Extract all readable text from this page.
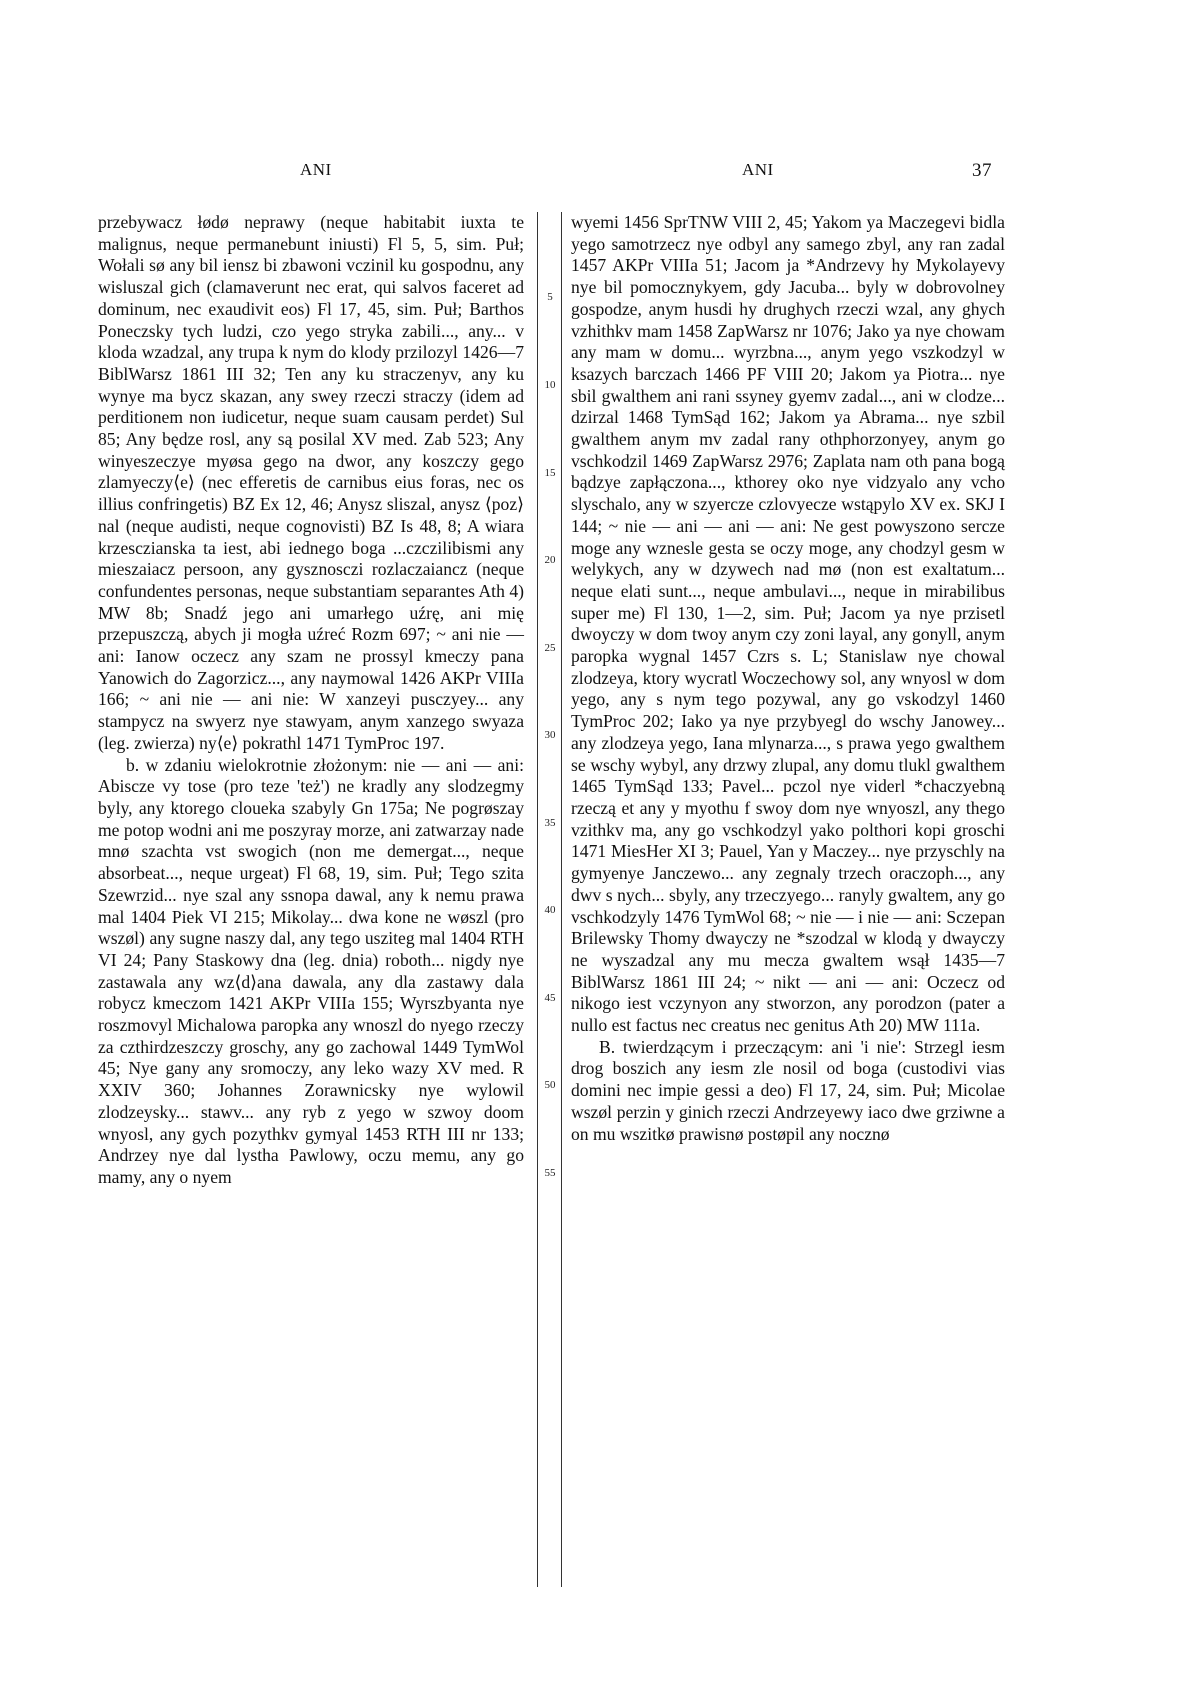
ANI	ANI	37

przebywacz łødø neprawy (neque habitabit iuxta te malignus, neque permanebunt iniusti) Fl 5, 5, sim. Puł; Wołali sø any bil iensz bi zbawoni vczinil ku gospodnu, any wisluszal gich (clamaverunt nec erat, qui salvos faceret ad dominum, nec exaudivit eos) Fl 17, 45, sim. Puł; Barthos Poneczsky tych ludzi, czo yego stryka zabili..., any... v kloda wzadzal, any trupa k nym do klody przilozyl 1426—7 BiblWarsz 1861 III 32; Ten any ku straczenyv, any ku wynye ma bycz skazan, any swey rzeczi straczy (idem ad perditionem non iudicetur, neque suam causam perdet) Sul 85; Any będze rosl, any są posilal XV med. Zab 523; Any winyeszeczye myøsa gego na dwor, any koszczy gego zlamyeczy⟨e⟩ (nec efferetis de carnibus eius foras, nec os illius confringetis) BZ Ex 12, 46; Anysz sliszal, anysz ⟨poz⟩nal (neque audisti, neque cognovisti) BZ Is 48, 8; A wiara krzesczianska ta iest, abi iednego boga ...czczilibismi any mieszaiacz persoon, any gysznosczi rozlaczaiancz (neque confundentes personas, neque substantiam separantes Ath 4) MW 8b; Snadź jego ani umarłego uźrę, ani mię przepuszczą, abych ji mogła uźreć Rozm 697; ~ ani nie — ani: Ianow oczecz any szam ne prossyl kmeczy pana Yanowich do Zagorzicz..., any naymowal 1426 AKPr VIIIa 166; ~ ani nie — ani nie: W xanzeyi pusczyey... any stampycz na swyerz nye stawyam, anym xanzego swyaza (leg. zwierza) ny⟨e⟩ pokrathl 1471 TymProc 197.

b. w zdaniu wielokrotnie złożonym: nie — ani — ani: Abiscze vy tose (pro teze 'też') ne kradly any slodzegmy byly, any ktorego cloueka szabyly Gn 175a; Ne pogrøszay me potop wodni ani me poszyray morze, ani zatwarzay nade mnø szachta vst swogich (non me demergat..., neque absorbeat..., neque urgeat) Fl 68, 19, sim. Puł; Tego szita Szewrzid... nye szal any ssnopa dawal, any k nemu prawa mal 1404 Piek VI 215; Mikolay... dwa kone ne wøszl (pro wszøl) any sugne naszy dal, any tego usziteg mal 1404 RTH VI 24; Pany Staskowy dna (leg. dnia) roboth... nigdy nye zastawala any wz⟨d⟩ana dawala, any dla zastawy dala robycz kmeczom 1421 AKPr VIIIa 155; Wyrszbyanta nye roszmovyl Michalowa paropka any wnoszl do nyego rzeczy za czthirdzeszczy groschy, any go zachowal 1449 TymWol 45; Nye gany any sromoczy, any leko wazy XV med. R XXIV 360; Johannes Zorawnicsky nye wylowil zlodzeysky... stawv... any ryb z yego w szwoy doom wnyosl, any gych pozythkv gymyal 1453 RTH III nr 133; Andrzey nye dal lystha Pawlowy, oczu memu, any go mamy, any o nyem

5
10
15
20
25
30
35
40
45
50
55

wyemi 1456 SprTNW VIII 2, 45; Yakom ya Maczegevi bidla yego samotrzecz nye odbyl any samego zbyl, any ran zadal 1457 AKPr VIIIa 51; Jacom ja *Andrzevy hy Mykolayevy nye bil pomocznykyem, gdy Jacuba... byly w dobrovolney gospodze, anym husdi hy drughych rzeczi wzal, any ghych vzhithkv mam 1458 ZapWarsz nr 1076; Jako ya nye chowam any mam w domu... wyrzbna..., anym yego vszkodzyl w ksazych barczach 1466 PF VIII 20; Jakom ya Piotra... nye sbil gwalthem ani rani ssyney gyemv zadal..., ani w clodze... dzirzal 1468 TymSąd 162; Jakom ya Abrama... nye szbil gwalthem anym mv zadal rany othphorzonyey, anym go vschkodzil 1469 ZapWarsz 2976; Zaplata nam oth pana bogą bądzye zapłączona..., kthorey oko nye vidzyalo any vcho slyschalo, any w szyercze czlovyecze wstąpylo XV ex. SKJ I 144; ~ nie — ani — ani — ani: Ne gest powyszono sercze moge any wznesle gesta se oczy moge, any chodzyl gesm w welykych, any w dzywech nad mø (non est exaltatum... neque elati sunt..., neque ambulavi..., neque in mirabilibus super me) Fl 130, 1—2, sim. Puł; Jacom ya nye przisetl dwoyczy w dom twoy anym czy zoni layal, any gonyll, anym paropka wygnal 1457 Czrs s. L; Stanislaw nye chowal zlodzeya, ktory wycratl Woczechowy sol, any wnyosl w dom yego, any s nym tego pozywal, any go vskodzyl 1460 TymProc 202; Iako ya nye przybyegl do wschy Janowey... any zlodzeya yego, Iana mlynarza..., s prawa yego gwalthem se wschy wybyl, any drzwy zlupal, any domu tlukl gwalthem 1465 TymSąd 133; Pavel... pczol nye viderl *chaczyebną rzeczą et any y myothu f swoy dom nye wnyoszl, any thego vzithkv ma, any go vschkodzyl yako polthori kopi groschi 1471 MiesHer XI 3; Pauel, Yan y Maczey... nye przyschly na gymyenye Janczewo... any zegnaly trzech oraczoph..., any dwv s nych... sbyly, any trzeczyego... ranyly gwaltem, any go vschkodzyly 1476 TymWol 68; ~ nie — i nie — ani: Sczepan Brilewsky Thomy dwayczy ne *szodzal w klodą y dwayczy ne wyszadzal any mu mecza gwaltem wsął 1435—7 BiblWarsz 1861 III 24; ~ nikt — ani — ani: Oczecz od nikogo iest vczynyon any stworzon, any porodzon (pater a nullo est factus nec creatus nec genitus Ath 20) MW 111a.

B. twierdzącym i przeczącym: ani 'i nie': Strzegl iesm drog boszich any iesm zle nosil od boga (custodivi vias domini nec impie gessi a deo) Fl 17, 24, sim. Puł; Micolae wszøl perzin y ginich rzeczi Andrzeyewy iaco dwe grziwne a on mu wszitkø prawisnø postøpil any nocznø
